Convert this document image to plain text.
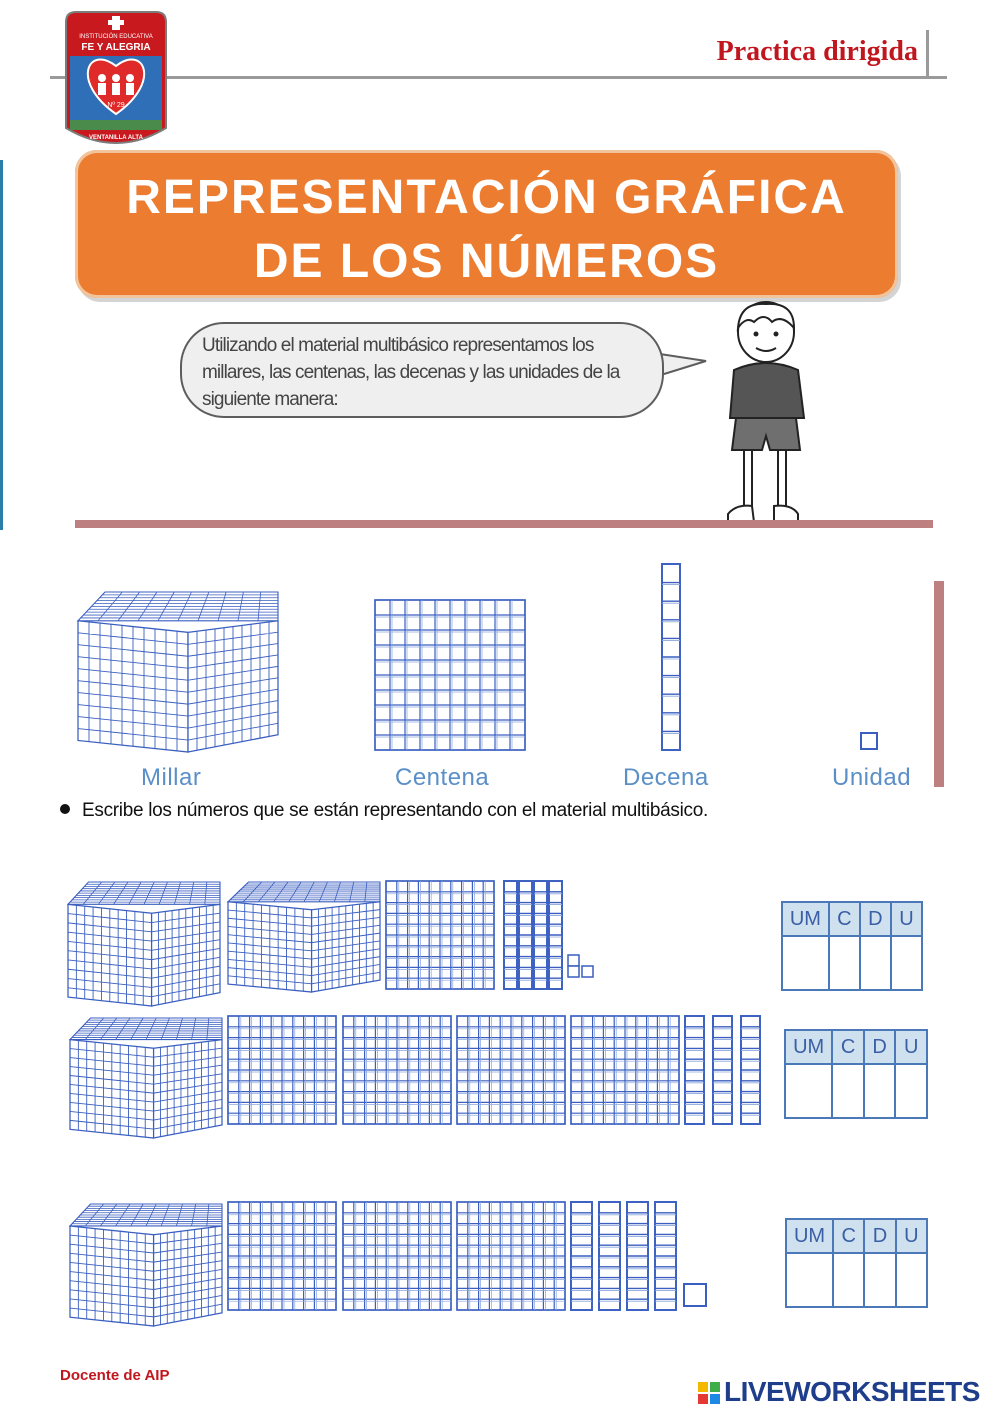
Practica dirigida
INSTITUCIÓN EDUCATIVA
FE Y ALEGRIA
Nº 29
VENTANILLA ALTA
REPRESENTACIÓN GRÁFICA
DE LOS NÚMEROS
Utilizando el material multibásico representamos los millares, las centenas, las decenas y las unidades de la siguiente manera:
Millar	Centena	Decena	Unidad
Escribe los números que se están representando con el material multibásico.
UM	C	D	U

UM	C	D	U

UM	C	D	U

Docente de AIP
LIVEWORKSHEETS
